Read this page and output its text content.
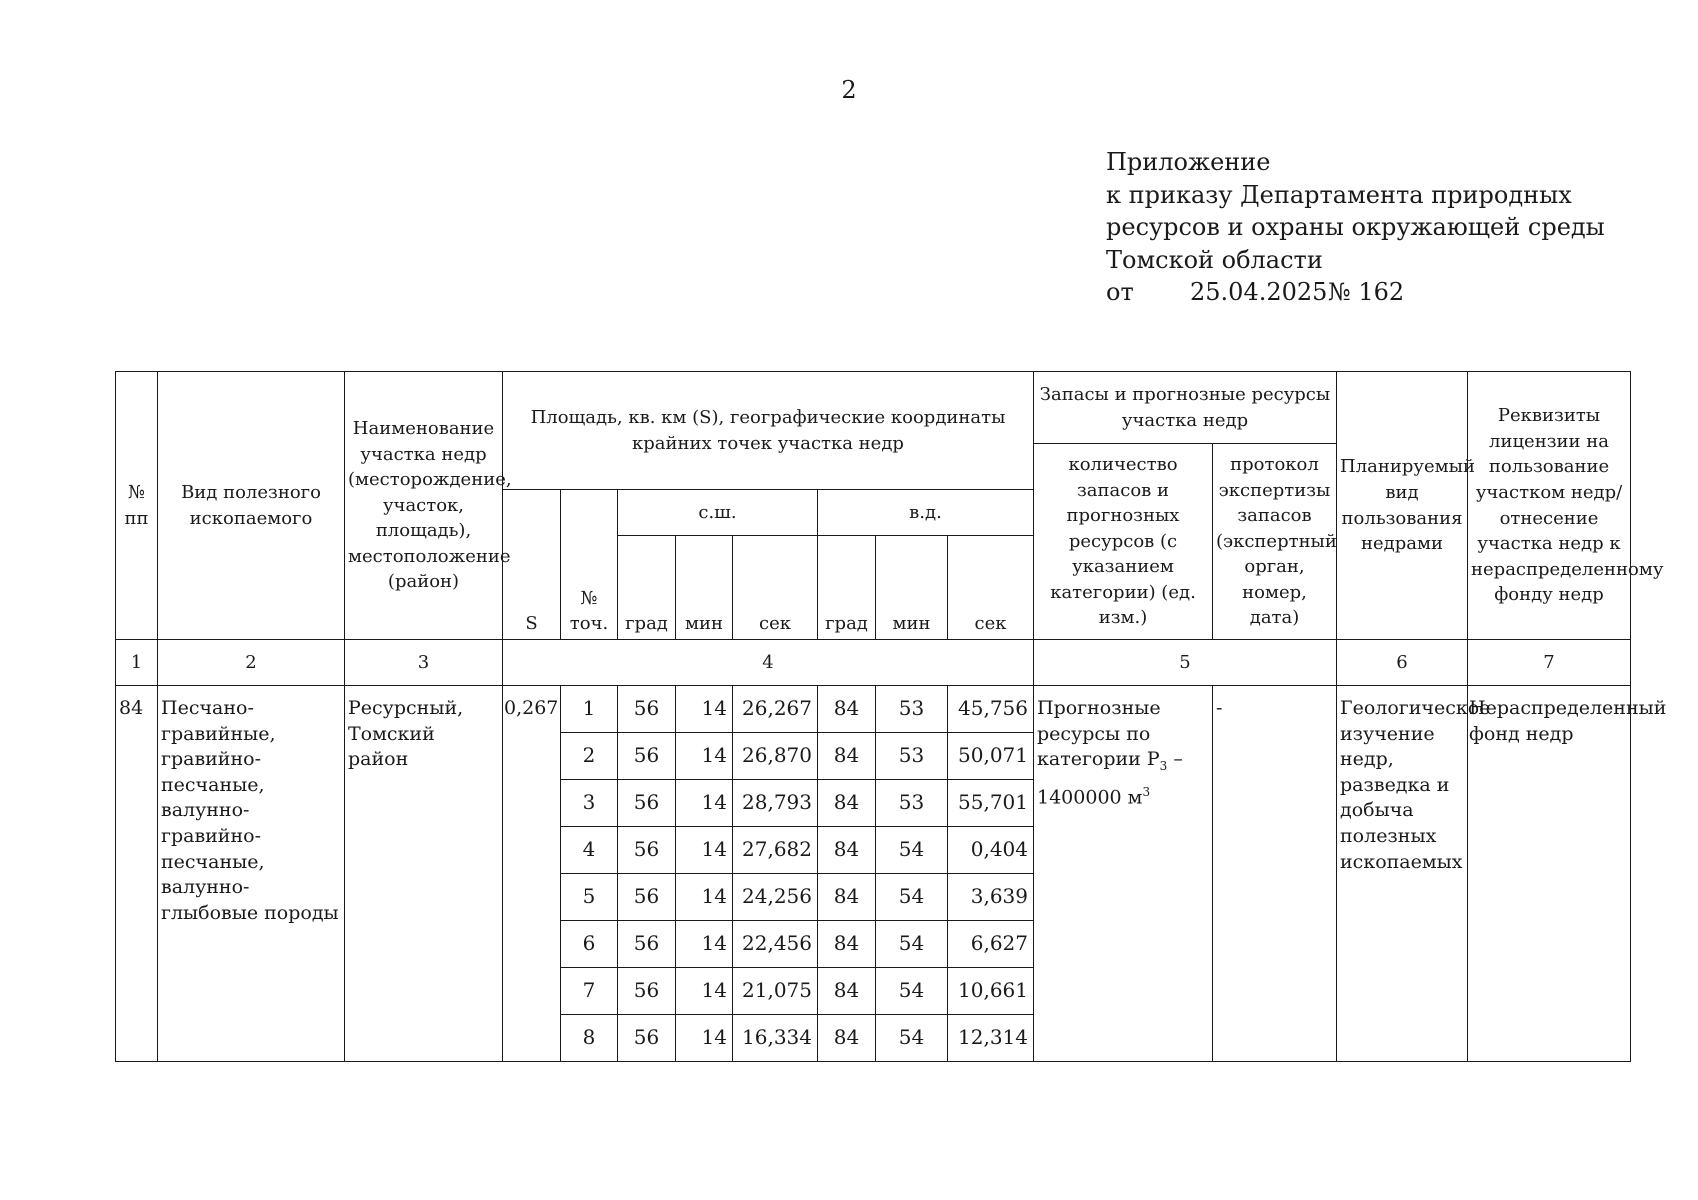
2
Приложение
к приказу Департамента природных
ресурсов и охраны окружающей среды
Томской области
от 25.04.2025№ 162
№ пп	Вид полезного ископаемого	Наименование участка недр (месторождение, участок, площадь), местоположение (район)	Площадь, кв. км (S), географические координаты крайних точек участка недр								Запасы и прогнозные ресурсы участка недр		Планируемый вид пользования недрами	Реквизиты лицензии на пользование участком недр/ отнесение участка недр к нераспределенному фонду недр
											количество запасов и прогнозных ресурсов (с указанием категории) (ед. изм.)	протокол экспертизы запасов (экспертный орган, номер, дата)		
			S	№ точ.	с.ш.			в.д.						
					град	мин	сек	град	мин	сек				
1	2	3	4								5		6	7
84	Песчано-гравийные, гравийно-песчаные, валунно-гравийно-песчаные, валунно-глыбовые породы	Ресурсный, Томский район	0,267	1	56	14	26,267	84	53	45,756	Прогнозные ресурсы по категории $Р_3 - 1400000$ $м^3$	-	Геологическое изучение недр, разведка и добыча полезных ископаемых	Нераспределенный фонд недр
				2	56	14	26,870	84	53	50,071				
				3	56	14	28,793	84	53	55,701				
				4	56	14	27,682	84	54	0,404				
				5	56	14	24,256	84	54	3,639				
				6	56	14	22,456	84	54	6,627				
				7	56	14	21,075	84	54	10,661				
				8	56	14	16,334	84	54	12,314				
